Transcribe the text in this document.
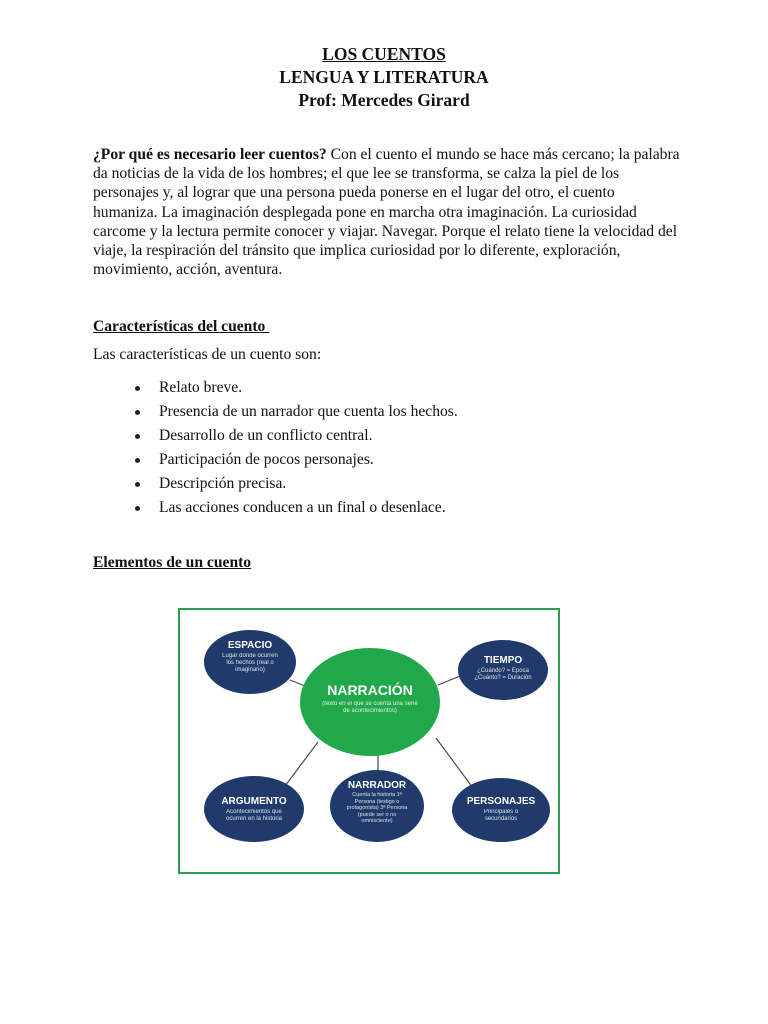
LOS CUENTOS
LENGUA Y LITERATURA
Prof: Mercedes Girard

¿Por qué es necesario leer cuentos? Con el cuento el mundo se hace más cercano; la palabra da noticias de la vida de los hombres; el que lee se transforma, se calza la piel de los personajes y, al lograr que una persona pueda ponerse en el lugar del otro, el cuento humaniza. La imaginación desplegada pone en marcha otra imaginación. La curiosidad carcome y la lectura permite conocer y viajar. Navegar. Porque el relato tiene la velocidad del viaje, la respiración del tránsito que implica curiosidad por lo diferente, exploración, movimiento, acción, aventura.

Características del cuento

Las características de un cuento son:

Relato breve.
Presencia de un narrador que cuenta los hechos.
Desarrollo de un conflicto central.
Participación de pocos personajes.
Descripción precisa.
Las acciones conducen a un final o desenlace.

Elementos de un cuento

ESPACIO
Lugar donde ocurren los hechos (real o imaginario)
NARRACIÓN
(texto en el que se cuenta una serie de acontecimientos)
TIEMPO
¿Cuándo? = Época ¿Cuánto? = Duración
ARGUMENTO
Acontecimientos que ocurren en la historia
NARRADOR
Cuenta la historia 1ª Persona (testigo o protagonista) 3ª Persona (puede ser o no omnisciente)
PERSONAJES
Principales o secundarios
